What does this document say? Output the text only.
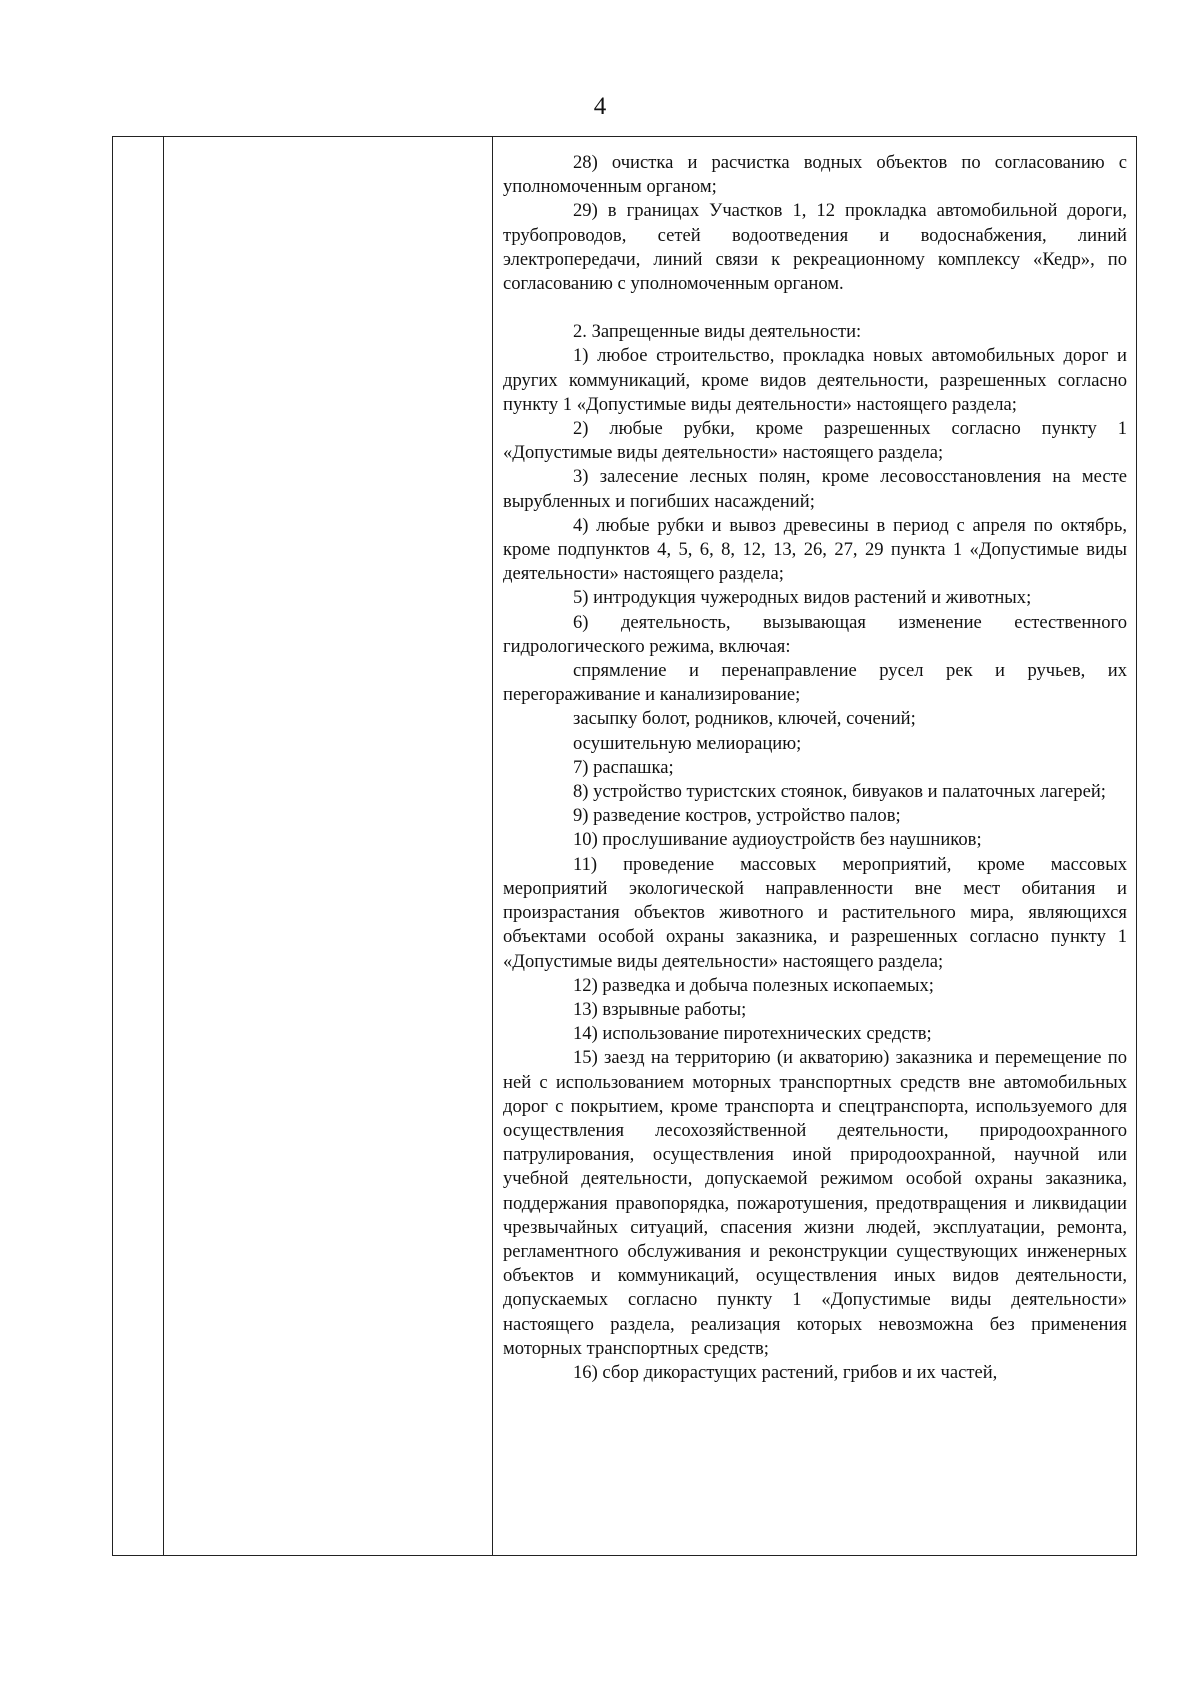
4

28) очистка и расчистка водных объектов по согласованию с уполномоченным органом;

29) в границах Участков 1, 12 прокладка автомобильной дороги, трубопроводов, сетей водоотведения и водоснабжения, линий электропередачи, линий связи к рекреационному комплексу «Кедр», по согласованию с уполномоченным органом.

2. Запрещенные виды деятельности:

1) любое строительство, прокладка новых автомобильных дорог и других коммуникаций, кроме видов деятельности, разрешенных согласно пункту 1 «Допустимые виды деятельности» настоящего раздела;

2) любые рубки, кроме разрешенных согласно пункту 1 «Допустимые виды деятельности» настоящего раздела;

3) залесение лесных полян, кроме лесовосстановления на месте вырубленных и погибших насаждений;

4) любые рубки и вывоз древесины в период с апреля по октябрь, кроме подпунктов 4, 5, 6, 8, 12, 13, 26, 27, 29 пункта 1 «Допустимые виды деятельности» настоящего раздела;

5) интродукция чужеродных видов растений и животных;

6) деятельность, вызывающая изменение естественного гидрологического режима, включая:

спрямление и перенаправление русел рек и ручьев, их перегораживание и канализирование;

засыпку болот, родников, ключей, сочений;

осушительную мелиорацию;

7) распашка;

8) устройство туристских стоянок, бивуаков и палаточных лагерей;

9) разведение костров, устройство палов;

10) прослушивание аудиоустройств без наушников;

11) проведение массовых мероприятий, кроме массовых мероприятий экологической направленности вне мест обитания и произрастания объектов животного и растительного мира, являющихся объектами особой охраны заказника, и разрешенных согласно пункту 1 «Допустимые виды деятельности» настоящего раздела;

12) разведка и добыча полезных ископаемых;

13) взрывные работы;

14) использование пиротехнических средств;

15) заезд на территорию (и акваторию) заказника и перемещение по ней с использованием моторных транспортных средств вне автомобильных дорог с покрытием, кроме транспорта и спецтранспорта, используемого для осуществления лесохозяйственной деятельности, природоохранного патрулирования, осуществления иной природоохранной, научной или учебной деятельности, допускаемой режимом особой охраны заказника, поддержания правопорядка, пожаротушения, предотвращения и ликвидации чрезвычайных ситуаций, спасения жизни людей, эксплуатации, ремонта, регламентного обслуживания и реконструкции существующих инженерных объектов и коммуникаций, осуществления иных видов деятельности, допускаемых согласно пункту 1 «Допустимые виды деятельности» настоящего раздела, реализация которых невозможна без применения моторных транспортных средств;

16) сбор дикорастущих растений, грибов и их частей,
